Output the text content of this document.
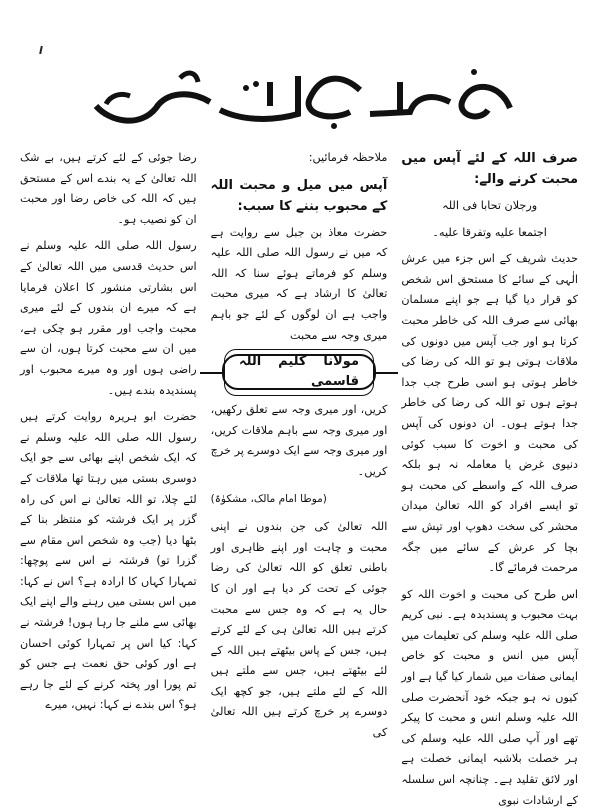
صرف اللہ کے لئے آپس میں محبت کرنے والے:

ورجلان تحابا فی اللہ

اجتمعا علیه وتفرقا علیه۔

حدیث شریف کے اس جزء میں عرش الٰہی کے سائے کا مستحق اس شخص کو قرار دیا گیا ہے جو اپنے مسلمان بھائی سے صرف اللہ کی خاطر محبت کرتا ہو اور جب آپس میں دونوں کی ملاقات ہوتی ہو تو اللہ کی رضا کی خاطر ہوتی ہو اسی طرح جب جدا ہوتے ہوں تو اللہ کی رضا کی خاطر جدا ہوتے ہوں۔ ان دونوں کی آپس کی محبت و اخوت کا سبب کوئی دنیوی غرض یا معاملہ نہ ہو بلکہ صرف اللہ کے واسطے کی محبت ہو تو ایسے افراد کو اللہ تعالیٰ میدان محشر کی سخت دھوپ اور تپش سے بچا کر عرش کے سائے میں جگہ مرحمت فرمائے گا۔

اس طرح کی محبت و اخوت اللہ کو بہت محبوب و پسندیدہ ہے۔ نبی کریم صلی اللہ علیہ وسلم کی تعلیمات میں آپس میں انس و محبت کو خاص ایمانی صفات میں شمار کیا گیا ہے اور کیوں نہ ہو جبکہ خود آنحضرت صلی اللہ علیہ وسلم انس و محبت کا پیکر تھے اور آپ صلی اللہ علیہ وسلم کی ہر خصلت بلاشبہ ایمانی خصلت ہے اور لائق تقلید ہے۔ چنانچہ اس سلسلہ کے ارشادات نبوی

ملاحظہ فرمائیں:

آپس میں میل و محبت اللہ کے محبوب بننے کا سبب:

حضرت معاذ بن جبل سے روایت ہے کہ میں نے رسول اللہ صلی اللہ علیہ وسلم کو فرماتے ہوئے سنا کہ اللہ تعالیٰ کا ارشاد ہے کہ میری محبت واجب ہے ان لوگوں کے لئے جو باہم میری وجہ سے محبت

مولانا کلیم اللہ قاسمی

کریں، اور میری وجہ سے تعلق رکھیں، اور میری وجہ سے باہم ملاقات کریں، اور میری وجہ سے ایک دوسرے پر خرچ کریں۔

(موطا امام مالک، مشکوٰۃ)

اللہ تعالیٰ کی جن بندوں نے اپنی محبت و چاہت اور اپنے ظاہری اور باطنی تعلق کو اللہ تعالیٰ کی رضا جوئی کے تحت کر دیا ہے اور ان کا حال یہ ہے کہ وہ جس سے محبت کرتے ہیں اللہ تعالیٰ ہی کے لئے کرتے ہیں، جس کے پاس بیٹھتے ہیں اللہ کے لئے بیٹھتے ہیں، جس سے ملتے ہیں اللہ کے لئے ملتے ہیں، جو کچھ ایک دوسرے پر خرچ کرتے ہیں اللہ تعالیٰ کی

رضا جوئی کے لئے کرتے ہیں، بے شک اللہ تعالیٰ کے یہ بندے اس کے مستحق ہیں کہ اللہ کی خاص رضا اور محبت ان کو نصیب ہو۔

رسول اللہ صلی اللہ علیہ وسلم نے اس حدیث قدسی میں اللہ تعالیٰ کے اس بشارتی منشور کا اعلان فرمایا ہے کہ میرے ان بندوں کے لئے میری محبت واجب اور مقرر ہو چکی ہے، میں ان سے محبت کرتا ہوں، ان سے راضی ہوں اور وہ میرے محبوب اور پسندیدہ بندے ہیں۔

حضرت ابو ہریرہ روایت کرتے ہیں رسول اللہ صلی اللہ علیہ وسلم نے کہ ایک شخص اپنے بھائی سے جو ایک دوسری بستی میں رہتا تھا ملاقات کے لئے چلا، تو اللہ تعالیٰ نے اس کی راہ گزر پر ایک فرشتہ کو منتظر بنا کے بٹھا دیا (جب وہ شخص اس مقام سے گزرا تو) فرشتہ نے اس سے پوچھا: تمہارا کہاں کا ارادہ ہے؟ اس نے کہا: میں اس بستی میں رہنے والے اپنے ایک بھائی سے ملنے جا رہا ہوں! فرشتہ نے کہا: کیا اس پر تمہارا کوئی احسان ہے اور کوئی حق نعمت ہے جس کو تم پورا اور پختہ کرنے کے لئے جا رہے ہو؟ اس بندے نے کہا: نہیں، میرے
